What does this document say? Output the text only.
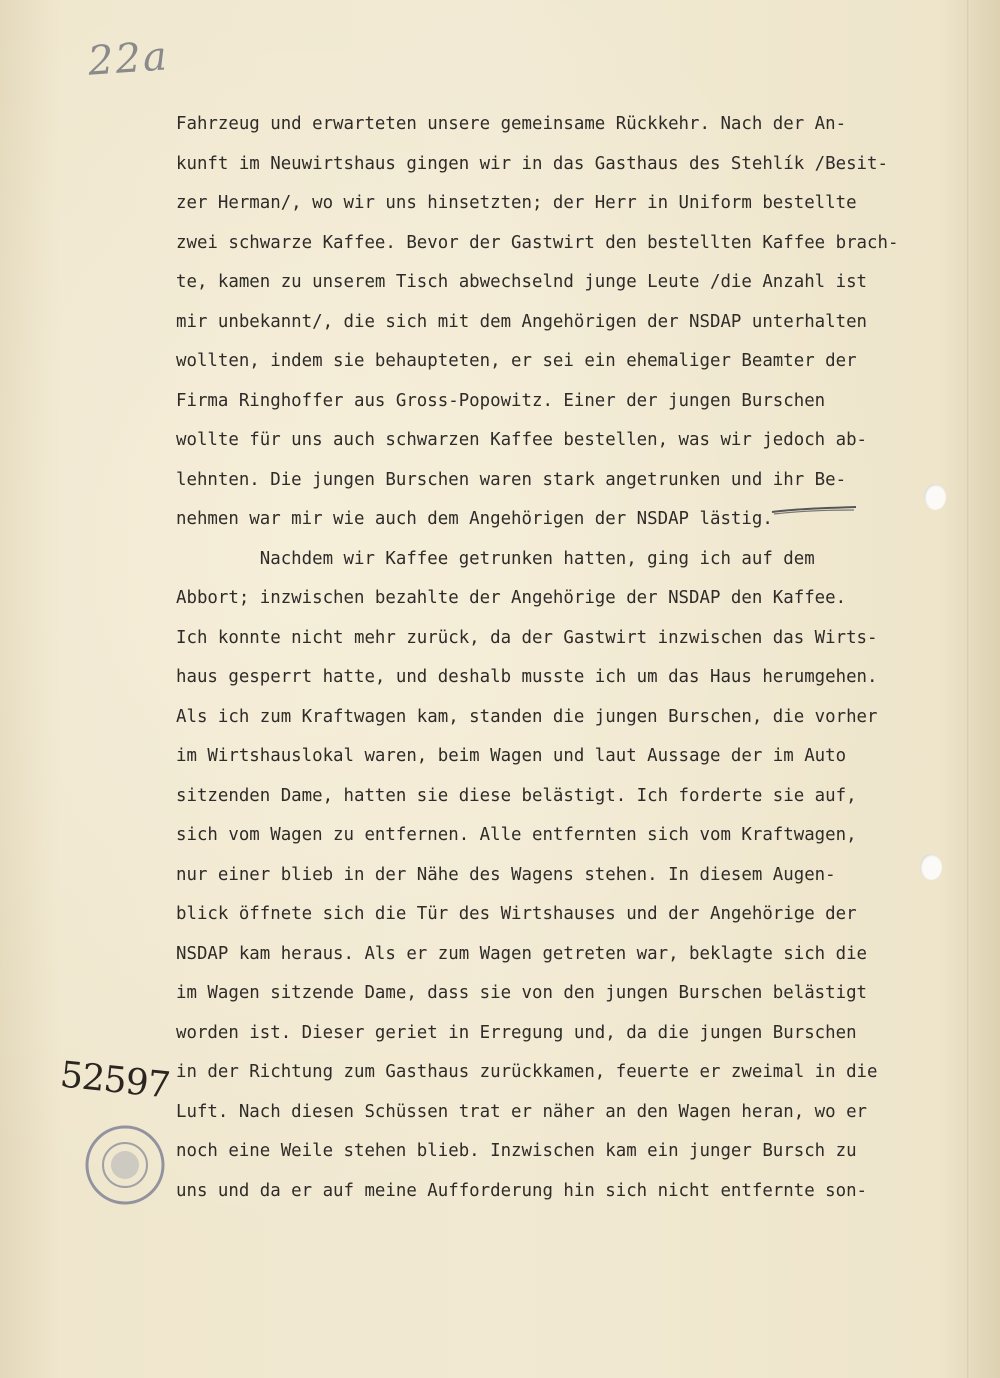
22a
Fahrzeug und erwarteten unsere gemeinsame Rückkehr. Nach der An-
kunft im Neuwirtshaus gingen wir in das Gasthaus des Stehlík /Besit-
zer Herman/, wo wir uns hinsetzten; der Herr in Uniform bestellte
zwei schwarze Kaffee. Bevor der Gastwirt den bestellten Kaffee brach-
te, kamen zu unserem Tisch abwechselnd junge Leute /die Anzahl ist
mir unbekannt/, die sich mit dem Angehörigen der NSDAP unterhalten
wollten, indem sie behaupteten, er sei ein ehemaliger Beamter der
Firma Ringhoffer aus Gross-Popowitz. Einer der jungen Burschen
wollte für uns auch schwarzen Kaffee bestellen, was wir jedoch ab-
lehnten. Die jungen Burschen waren stark angetrunken und ihr Be-
nehmen war mir wie auch dem Angehörigen der NSDAP lästig.
Nachdem wir Kaffee getrunken hatten, ging ich auf dem
Abbort; inzwischen bezahlte der Angehörige der NSDAP den Kaffee.
Ich konnte nicht mehr zurück, da der Gastwirt inzwischen das Wirts-
haus gesperrt hatte, und deshalb musste ich um das Haus herumgehen.
Als ich zum Kraftwagen kam, standen die jungen Burschen, die vorher
im Wirtshauslokal waren, beim Wagen und laut Aussage der im Auto
sitzenden Dame, hatten sie diese belästigt. Ich forderte sie auf,
sich vom Wagen zu entfernen. Alle entfernten sich vom Kraftwagen,
nur einer blieb in der Nähe des Wagens stehen. In diesem Augen-
blick öffnete sich die Tür des Wirtshauses und der Angehörige der
NSDAP kam heraus. Als er zum Wagen getreten war, beklagte sich die
im Wagen sitzende Dame, dass sie von den jungen Burschen belästigt
worden ist. Dieser geriet in Erregung und, da die jungen Burschen
in der Richtung zum Gasthaus zurückkamen, feuerte er zweimal in die
Luft. Nach diesen Schüssen trat er näher an den Wagen heran, wo er
noch eine Weile stehen blieb. Inzwischen kam ein junger Bursch zu
uns und da er auf meine Aufforderung hin sich nicht entfernte son-
52597
